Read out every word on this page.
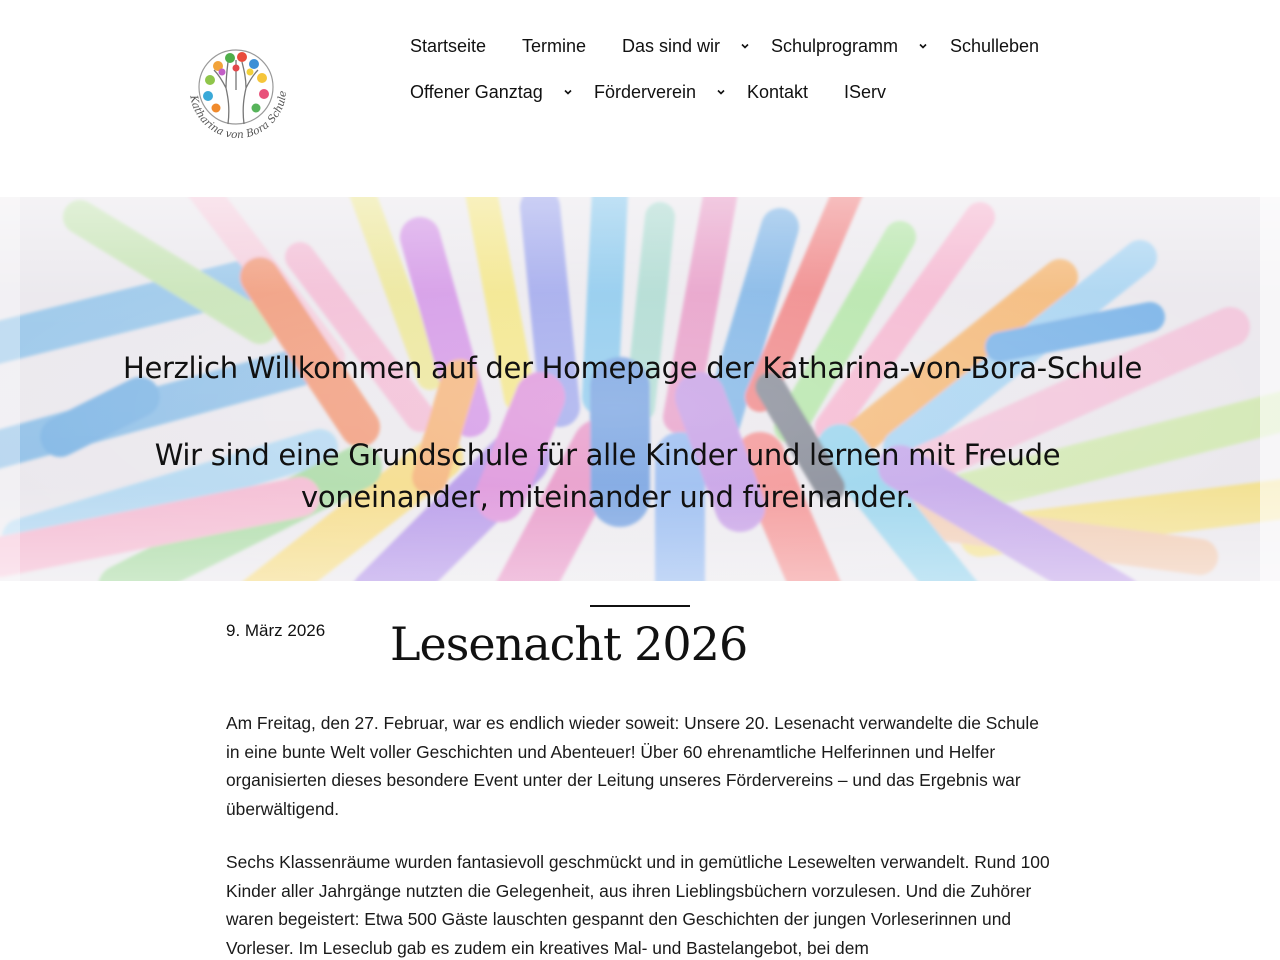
Katharina von Bora Schule
Startseite Termine Das sind wir	Schulprogramm	Schulleben
Offener Ganztag	Förderverein	Kontakt IServ
Herzlich Willkommen auf der Homepage der Katharina-von-Bora-Schule
Wir sind eine Grundschule für alle Kinder und lernen mit Freude voneinander, miteinander und füreinander.
9. März 2026 Lesenacht 2026

Am Freitag, den 27. Februar, war es endlich wieder soweit: Unsere 20. Lesenacht verwandelte die Schule in eine bunte Welt voller Geschichten und Abenteuer! Über 60 ehrenamtliche Helferinnen und Helfer organisierten dieses besondere Event unter der Leitung unseres Fördervereins – und das Ergebnis war überwältigend.

Sechs Klassenräume wurden fantasievoll geschmückt und in gemütliche Lesewelten verwandelt. Rund 100 Kinder aller Jahrgänge nutzten die Gelegenheit, aus ihren Lieblingsbüchern vorzulesen. Und die Zuhörer waren begeistert: Etwa 500 Gäste lauschten gespannt den Geschichten der jungen Vorleserinnen und Vorleser. Im Leseclub gab es zudem ein kreatives Mal- und Bastelangebot, bei dem
